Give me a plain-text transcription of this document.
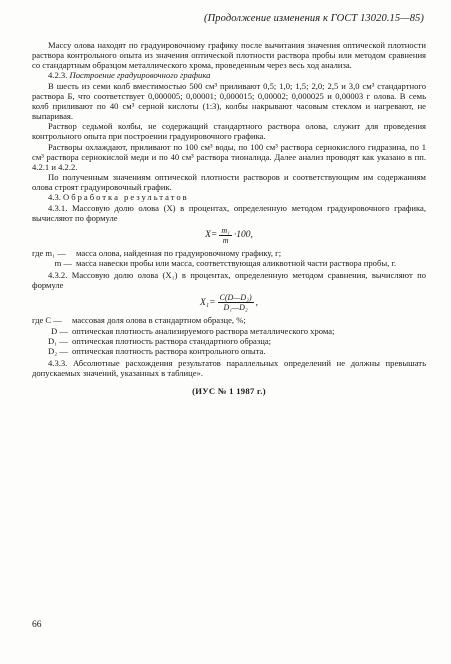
(Продолжение изменения к ГОСТ 13020.15—85)

Массу олова находят по градуировочному графику после вычитания значения оптической плотности раствора контрольного опыта из значения оптической плотности раствора пробы или методом сравнения со стандартным образцом металлического хрома, проведенным через весь ход анализа.

4.2.3. Построение градуировочного графика

В шесть из семи колб вместимостью 500 см³ приливают 0,5; 1,0; 1,5; 2,0; 2,5 и 3,0 см³ стандартного раствора Б, что соответствует 0,000005; 0,00001; 0,000015; 0,00002; 0,000025 и 0,00003 г олова. В семь колб приливают по 40 см³ серной кислоты (1:3), колбы накрывают часовым стеклом и нагревают, не выпаривая.

Раствор седьмой колбы, не содержащий стандартного раствора олова, служит для проведения контрольного опыта при построении градуировочного графика.

Растворы охлаждают, приливают по 100 см³ воды, по 100 см³ раствора сернокислого гидразина, по 1 см³ раствора сернокислой меди и по 40 см³ раствора тионалида. Далее анализ проводят как указано в пп. 4.2.1 и 4.2.2.

По полученным значениям оптической плотности растворов и соответствующим им содержаниям олова строят градуировочный график.

4.3. Обработка результатов

4.3.1. Массовую долю олова (X) в процентах, определенную методом градуировочного графика, вычисляют по формуле

$X= \frac{\text{m₁}}{m} \cdot 100$,
где m₁ —	масса олова, найденная по градуировочному графику, г;
m — масса навески пробы или масса, соответствующая аликвотной части раствора пробы, г.

4.3.2. Массовую долю олова (X₁) в процентах, определенную методом сравнения, вычисляют по формуле

$X_1= \frac{\text{C(D—D₂)}}{\text{D₁—D₂}}$ ,
где C —	массовая доля олова в стандартном образце, %;
D — оптическая плотность анализируемого раствора металлического хрома;
D₁ — оптическая плотность раствора стандартного образца;
D₂ — оптическая плотность раствора контрольного опыта.

4.3.3. Абсолютные расхождения результатов параллельных определений не должны превышать допускаемых значений, указанных в таблице».

(ИУС № 1 1987 г.)
66
